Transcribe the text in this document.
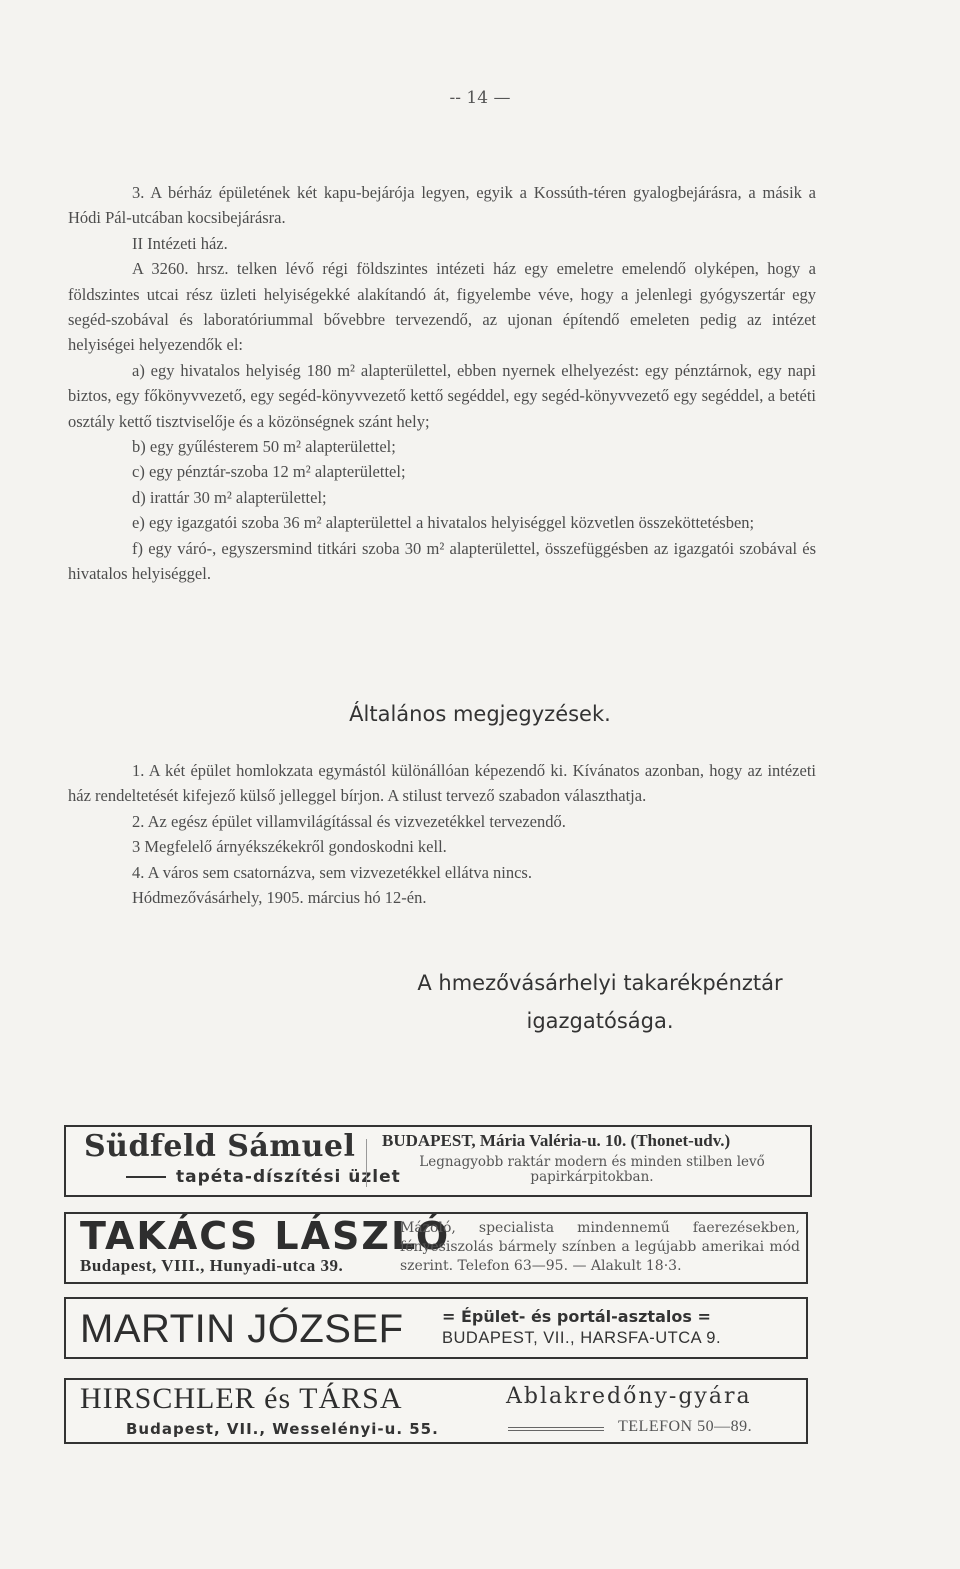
-- 14 —

3. A bérház épületének két kapu-bejárója legyen, egyik a Kossúth-téren gyalogbejárásra, a másik a Hódi Pál-utcában kocsibejárásra.

II Intézeti ház.

A 3260. hrsz. telken lévő régi földszintes intézeti ház egy emeletre emelendő olyképen, hogy a földszintes utcai rész üzleti helyiségekké alakítandó át, figyelembe véve, hogy a jelenlegi gyógyszertár egy segéd-szobával és laboratóriummal bővebbre tervezendő, az ujonan építendő emeleten pedig az intézet helyiségei helyezendők el:

a) egy hivatalos helyiség 180 m² alapterülettel, ebben nyernek elhelyezést: egy pénztárnok, egy napi biztos, egy főkönyvvezető, egy segéd-könyvvezető kettő segéddel, egy segéd-könyvvezető egy segéddel, a betéti osztály kettő tisztviselője és a közönségnek szánt hely;

b) egy gyűlésterem 50 m² alapterülettel;

c) egy pénztár-szoba 12 m² alapterülettel;

d) irattár 30 m² alapterülettel;

e) egy igazgatói szoba 36 m² alapterülettel a hivatalos helyiséggel közvetlen összeköttetésben;

f) egy váró-, egyszersmind titkári szoba 30 m² alapterülettel, összefüggésben az igazgatói szobával és hivatalos helyiséggel.

Általános megjegyzések.

1. A két épület homlokzata egymástól különállóan képezendő ki. Kívánatos azonban, hogy az intézeti ház rendeltetését kifejező külső jelleggel bírjon. A stilust tervező szabadon választhatja.

2. Az egész épület villamvilágítással és vizvezetékkel tervezendő.

3 Megfelelő árnyékszékekről gondoskodni kell.

4. A város sem csatornázva, sem vizvezetékkel ellátva nincs.

Hódmezővásárhely, 1905. március hó 12-én.

A hmezővásárhelyi takarékpénztár
igazgatósága.
Südfeld Sámuel
tapéta-díszítési üzlet
BUDAPEST, Mária Valéria-u. 10. (Thonet-udv.)
Legnagyobb raktár modern és minden stilben levő papirkárpitokban.
TAKÁCS LÁSZLÓ
Budapest, VIII., Hunyadi-utca 39.
Mázoló, specialista mindennemű faerezésekben, fényesiszolás bármely színben a legújabb amerikai mód szerint. Telefon 63—95. — Alakult 18·3.
MARTIN JÓZSEF = Épület- és portál-asztalos =
BUDAPEST, VII., HARSFA-UTCA 9.
HIRSCHLER és TÁRSA
Budapest, VII., Wesselényi-u. 55.
Ablakredőny-gyára
TELEFON 50—89.
